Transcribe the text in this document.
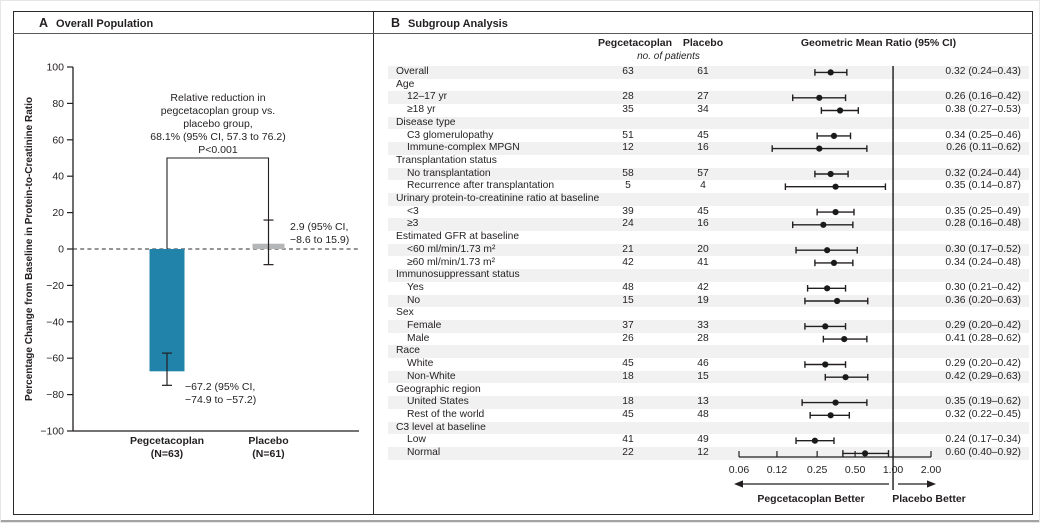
A Overall Population	B Subgroup Analysis
−100
−80
−60
−40
−20
0
20
40
60
80
100
Percentage Change from Baseline in Protein-to-Creatinine Ratio
Pegcetacoplan
(N=63)
Placebo
(N=61)
−67.2 (95% CI,
−74.9 to −57.2)
2.9 (95% CI,
−8.6 to 15.9)
Relative reduction in
pegcetacoplan group vs.
placebo group,
68.1% (95% CI, 57.3 to 76.2)
P<0.001
Pegcetacoplan	Placebo
no. of patients
Geometric Mean Ratio (95% CI)
Overall	63	61	0.32 (0.24–0.43)
Age
12–17 yr	28	27	0.26 (0.16–0.42)
≥18 yr	35	34	0.38 (0.27–0.53)
Disease type
C3 glomerulopathy	51	45	0.34 (0.25–0.46)
Immune-complex MPGN	12	16	0.26 (0.11–0.62)
Transplantation status
No transplantation	58	57	0.32 (0.24–0.44)
Recurrence after transplantation	5	4	0.35 (0.14–0.87)
Urinary protein-to-creatinine ratio at baseline
<3	39	45	0.35 (0.25–0.49)
≥3	24	16	0.28 (0.16–0.48)
Estimated GFR at baseline
<60 ml/min/1.73 m²	21	20	0.30 (0.17–0.52)
≥60 ml/min/1.73 m²	42	41	0.34 (0.24–0.48)
Immunosuppressant status
Yes	48	42	0.30 (0.21–0.42)
No	15	19	0.36 (0.20–0.63)
Sex
Female	37	33	0.29 (0.20–0.42)
Male	26	28	0.41 (0.28–0.62)
Race
White	45	46	0.29 (0.20–0.42)
Non-White	18	15	0.42 (0.29–0.63)
Geographic region
United States	18	13	0.35 (0.19–0.62)
Rest of the world	45	48	0.32 (0.22–0.45)
C3 level at baseline
Low	41	49	0.24 (0.17–0.34)
Normal	22	12	0.60 (0.40–0.92)
0.06 0.12 0.25 0.50 1.00 2.00
Pegcetacoplan Better	Placebo Better
